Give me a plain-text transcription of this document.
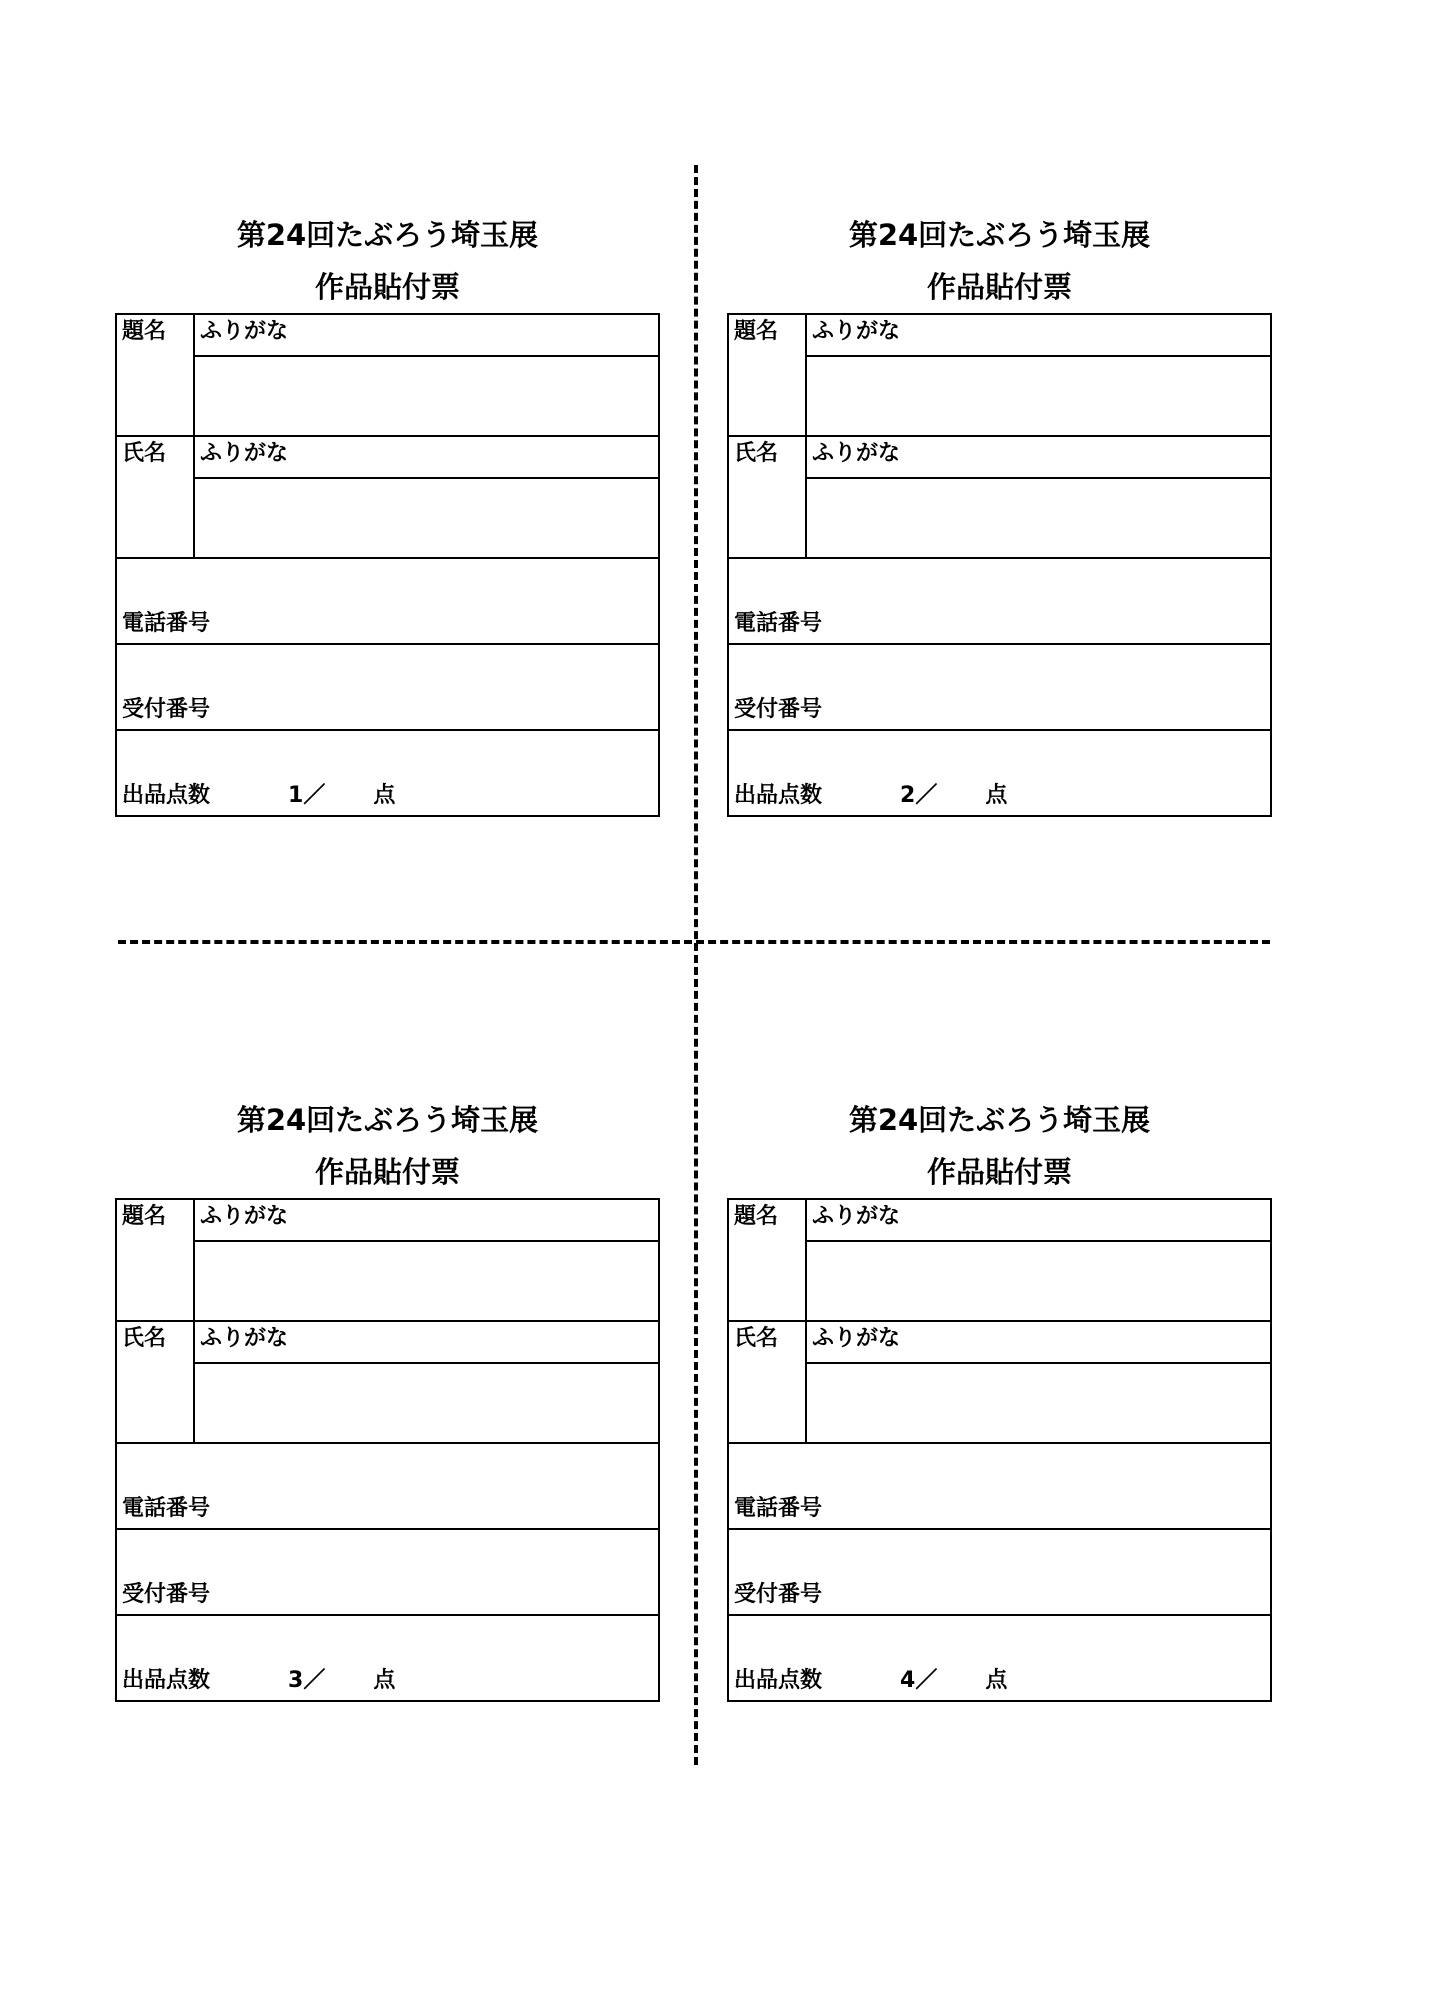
第24回たぶろう埼玉展
作品貼付票
題名	ふりがな

氏名	ふりがな

電話番号	
受付番号	
出品点数 1／ 点	
第24回たぶろう埼玉展
作品貼付票
題名	ふりがな

氏名	ふりがな

電話番号	
受付番号	
出品点数 2／ 点	
第24回たぶろう埼玉展
作品貼付票
題名	ふりがな

氏名	ふりがな

電話番号	
受付番号	
出品点数 3／ 点	
第24回たぶろう埼玉展
作品貼付票
題名	ふりがな

氏名	ふりがな

電話番号	
受付番号	
出品点数 4／ 点	
